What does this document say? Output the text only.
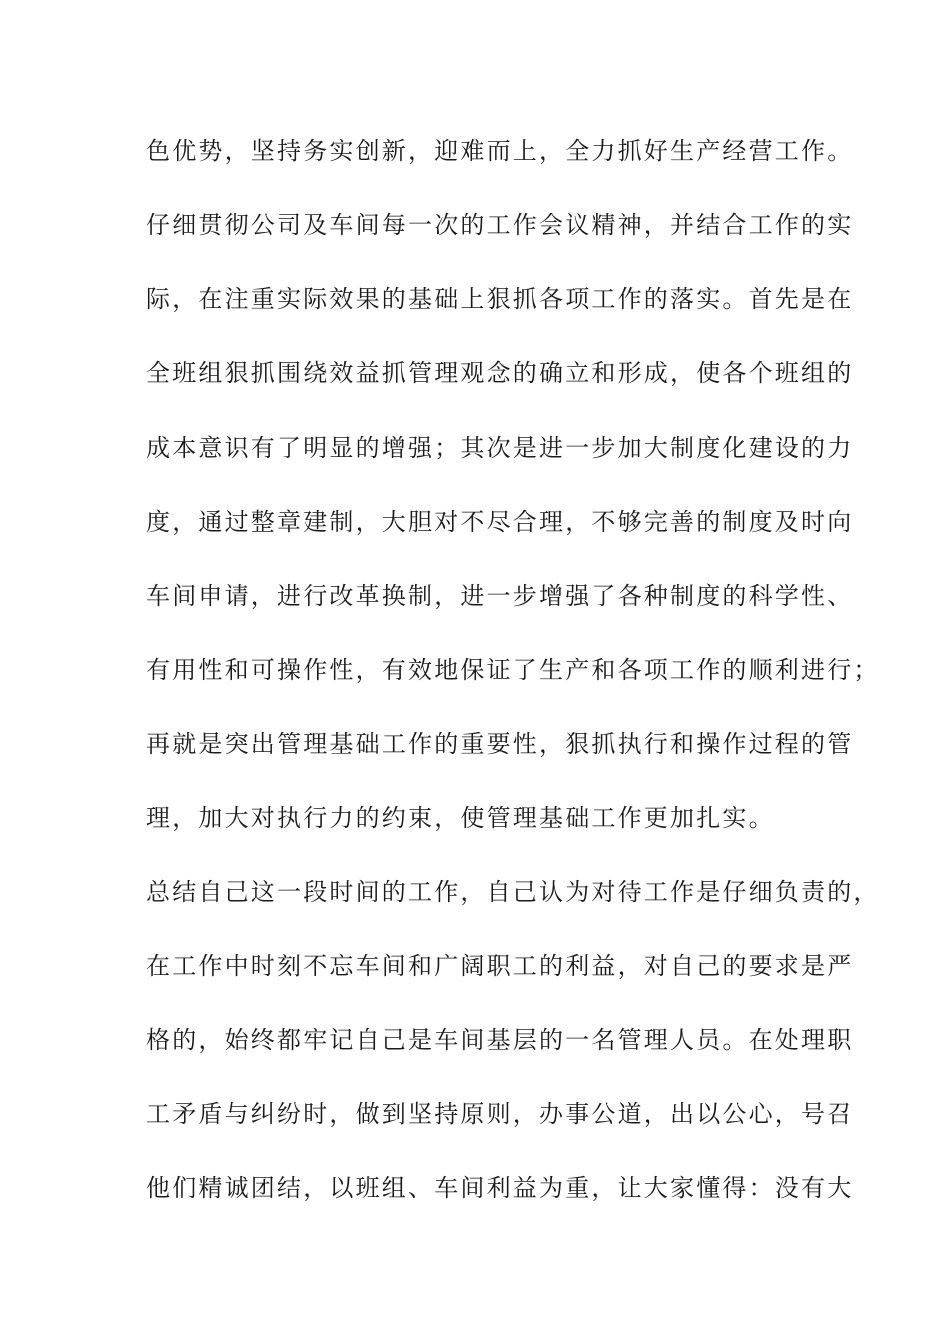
色优势，坚持务实创新，迎难而上，全力抓好生产经营工作。
仔细贯彻公司及车间每一次的工作会议精神，并结合工作的实
际，在注重实际效果的基础上狠抓各项工作的落实。首先是在
全班组狠抓围绕效益抓管理观念的确立和形成，使各个班组的
成本意识有了明显的增强；其次是进一步加大制度化建设的力
度，通过整章建制，大胆对不尽合理，不够完善的制度及时向
车间申请，进行改革换制，进一步增强了各种制度的科学性、
有用性和可操作性，有效地保证了生产和各项工作的顺利进行；
再就是突出管理基础工作的重要性，狠抓执行和操作过程的管
理，加大对执行力的约束，使管理基础工作更加扎实。
总结自己这一段时间的工作，自己认为对待工作是仔细负责的，
在工作中时刻不忘车间和广阔职工的利益，对自己的要求是严
格的，始终都牢记自己是车间基层的一名管理人员。在处理职
工矛盾与纠纷时，做到坚持原则，办事公道，出以公心，号召
他们精诚团结，以班组、车间利益为重，让大家懂得：没有大
